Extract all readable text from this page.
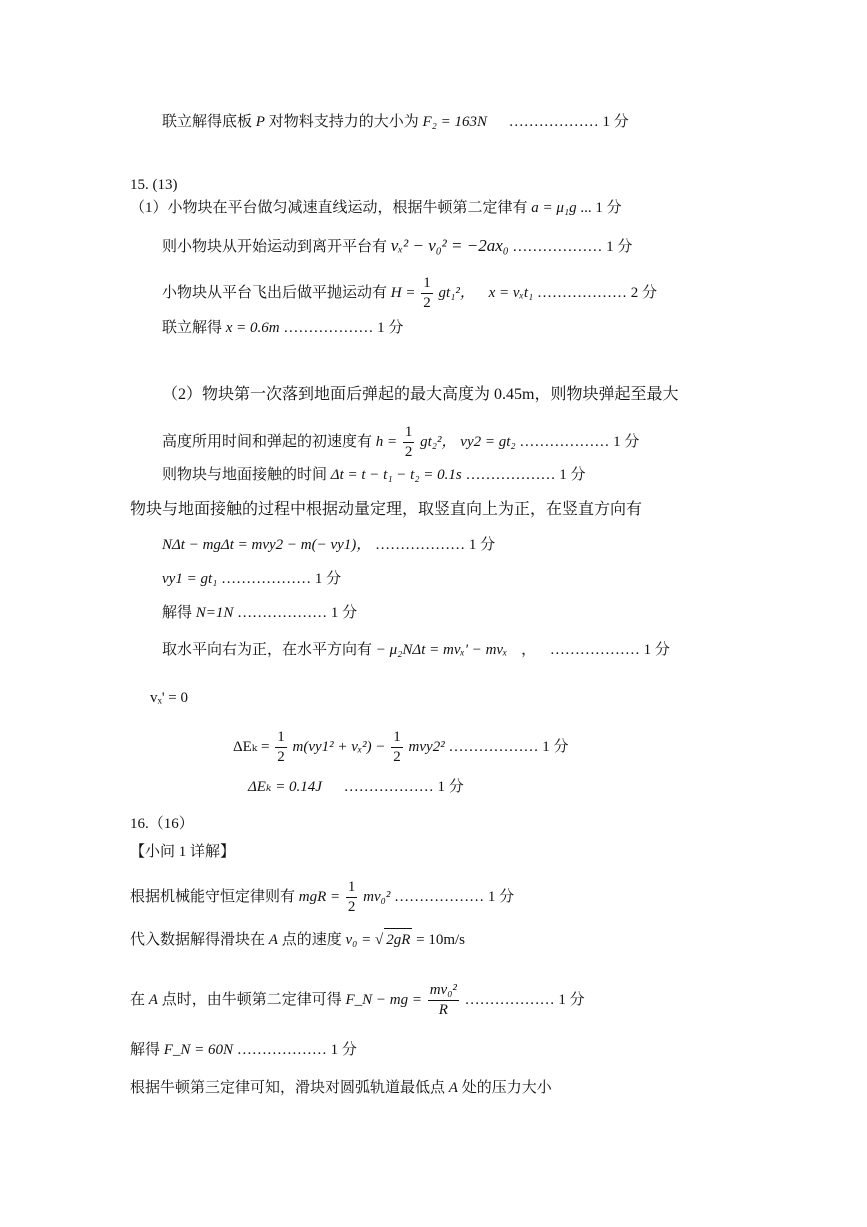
联立解得底板 P 对物料支持力的大小为 F₂ = 163N ……………… 1 分
15. (13)
（1）小物块在平台做匀减速直线运动，根据牛顿第二定律有 a = μ₁g ... 1 分
则小物块从开始运动到离开平台有 vₓ² − v₀² = −2ax₀ ……………… 1 分
小物块从平台飞出后做平抛运动有 $H = \frac{1}{2} gt_1^2$， x = vₓt₁ ……………… 2 分
联立解得 x = 0.6m ……………… 1 分
（2）物块第一次落到地面后弹起的最大高度为 0.45m，则物块弹起至最大
高度所用时间和弹起的初速度有 $h = \frac{1}{2} gt_2^2$， vy2 = gt₂ ……………… 1 分
则物块与地面接触的时间 Δt = t − t₁ − t₂ = 0.1s ……………… 1 分
物块与地面接触的过程中根据动量定理，取竖直向上为正，在竖直方向有
NΔt − mgΔt = mvy2 − m(− vy1)， ……………… 1 分
vy1 = gt₁ ……………… 1 分
解得 N=1N ……………… 1 分
取水平向右为正，在水平方向有 − μ₂NΔt = mvₓ' − mvₓ ， ……………… 1 分
vₓ' = 0
$\Delta E_k = \frac{1}{2} m(vy1^2 + v_x^2) - \frac{1}{2} mvy2^2$ ……………… 1 分
ΔEₖ = 0.14J ……………… 1 分
16.（16）
【小问 1 详解】
根据机械能守恒定律则有 mgR = $\frac{1}{2} mv_0^2$ ……………… 1 分
代入数据解得滑块在 A 点的速度 v₀ = √ 2gR = 10m/s
在 A 点时，由牛顿第二定律可得 F_N − mg = $\frac{\text{mv₀²}}{R}$ ……………… 1 分
解得 F_N = 60N ……………… 1 分
根据牛顿第三定律可知，滑块对圆弧轨道最低点 A 处的压力大小
